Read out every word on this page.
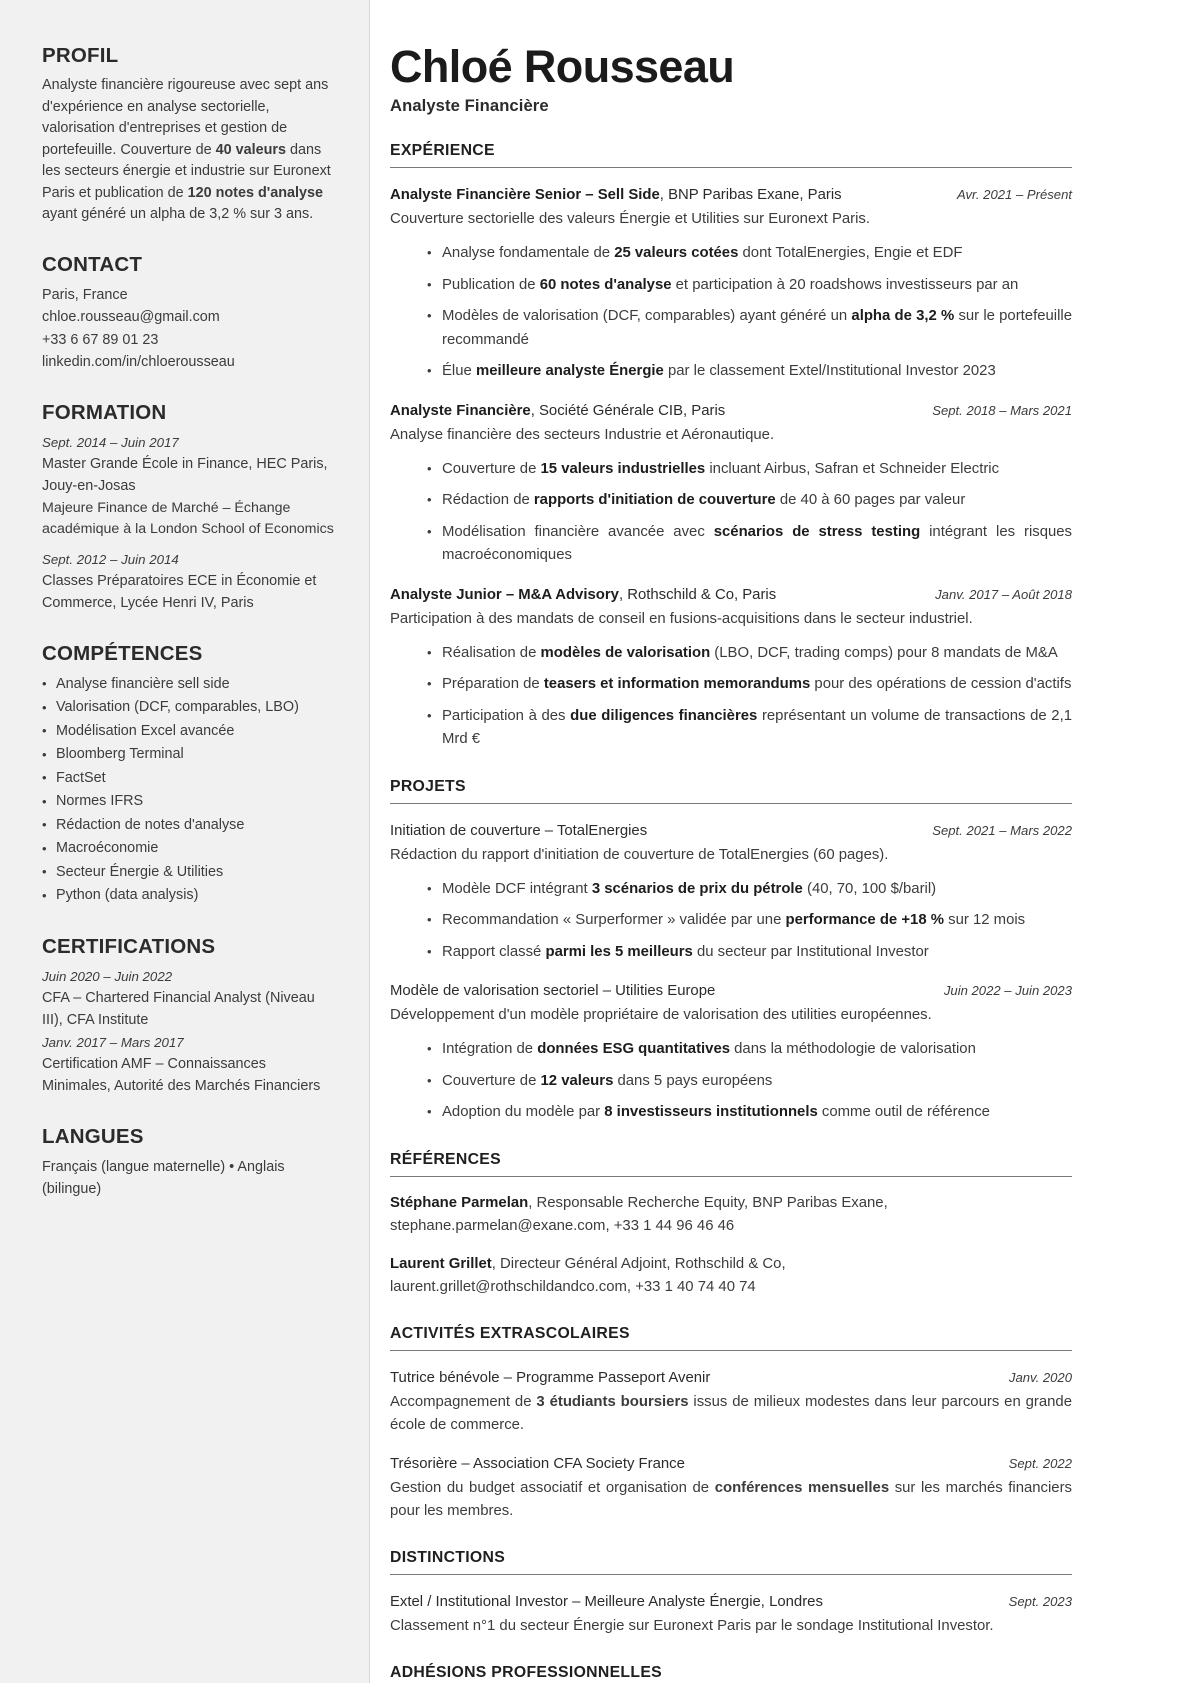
PROFIL

Analyste financière rigoureuse avec sept ans d'expérience en analyse sectorielle, valorisation d'entreprises et gestion de portefeuille. Couverture de 40 valeurs dans les secteurs énergie et industrie sur Euronext Paris et publication de 120 notes d'analyse ayant généré un alpha de 3,2 % sur 3 ans.

CONTACT
Paris, France
chloe.rousseau@gmail.com
+33 6 67 89 01 23
linkedin.com/in/chloerousseau
FORMATION
Sept. 2014 – Juin 2017
Master Grande École in Finance, HEC Paris, Jouy-en-Josas
Majeure Finance de Marché – Échange académique à la London School of Economics
Sept. 2012 – Juin 2014
Classes Préparatoires ECE in Économie et Commerce, Lycée Henri IV, Paris
COMPÉTENCES
• Analyse financière sell side
• Valorisation (DCF, comparables, LBO)
• Modélisation Excel avancée
• Bloomberg Terminal
• FactSet
• Normes IFRS
• Rédaction de notes d'analyse
• Macroéconomie
• Secteur Énergie & Utilities
• Python (data analysis)
CERTIFICATIONS
Juin 2020 – Juin 2022
CFA – Chartered Financial Analyst (Niveau III), CFA Institute
Janv. 2017 – Mars 2017
Certification AMF – Connaissances Minimales, Autorité des Marchés Financiers
LANGUES
Français (langue maternelle) • Anglais (bilingue)
Chloé Rousseau
Analyste Financière
EXPÉRIENCE
Analyste Financière Senior – Sell Side, BNP Paribas Exane, Paris	Avr. 2021 – Présent
Couverture sectorielle des valeurs Énergie et Utilities sur Euronext Paris.
• Analyse fondamentale de 25 valeurs cotées dont TotalEnergies, Engie et EDF
• Publication de 60 notes d'analyse et participation à 20 roadshows investisseurs par an
• Modèles de valorisation (DCF, comparables) ayant généré un alpha de 3,2 % sur le portefeuille recommandé
• Élue meilleure analyste Énergie par le classement Extel/Institutional Investor 2023
Analyste Financière, Société Générale CIB, Paris	Sept. 2018 – Mars 2021
Analyse financière des secteurs Industrie et Aéronautique.
• Couverture de 15 valeurs industrielles incluant Airbus, Safran et Schneider Electric
• Rédaction de rapports d'initiation de couverture de 40 à 60 pages par valeur
• Modélisation financière avancée avec scénarios de stress testing intégrant les risques macroéconomiques
Analyste Junior – M&A Advisory, Rothschild & Co, Paris	Janv. 2017 – Août 2018
Participation à des mandats de conseil en fusions-acquisitions dans le secteur industriel.
• Réalisation de modèles de valorisation (LBO, DCF, trading comps) pour 8 mandats de M&A
• Préparation de teasers et information memorandums pour des opérations de cession d'actifs
• Participation à des due diligences financières représentant un volume de transactions de 2,1 Mrd €
PROJETS
Initiation de couverture – TotalEnergies	Sept. 2021 – Mars 2022
Rédaction du rapport d'initiation de couverture de TotalEnergies (60 pages).
• Modèle DCF intégrant 3 scénarios de prix du pétrole (40, 70, 100 $/baril)
• Recommandation « Surperformer » validée par une performance de +18 % sur 12 mois
• Rapport classé parmi les 5 meilleurs du secteur par Institutional Investor
Modèle de valorisation sectoriel – Utilities Europe	Juin 2022 – Juin 2023
Développement d'un modèle propriétaire de valorisation des utilities européennes.
• Intégration de données ESG quantitatives dans la méthodologie de valorisation
• Couverture de 12 valeurs dans 5 pays européens
• Adoption du modèle par 8 investisseurs institutionnels comme outil de référence
RÉFÉRENCES
Stéphane Parmelan, Responsable Recherche Equity, BNP Paribas Exane,
stephane.parmelan@exane.com, +33 1 44 96 46 46
Laurent Grillet, Directeur Général Adjoint, Rothschild & Co,
laurent.grillet@rothschildandco.com, +33 1 40 74 40 74
ACTIVITÉS EXTRASCOLAIRES
Tutrice bénévole – Programme Passeport Avenir	Janv. 2020
Accompagnement de 3 étudiants boursiers issus de milieux modestes dans leur parcours en grande école de commerce.
Trésorière – Association CFA Society France	Sept. 2022
Gestion du budget associatif et organisation de conférences mensuelles sur les marchés financiers pour les membres.
DISTINCTIONS
Extel / Institutional Investor – Meilleure Analyste Énergie, Londres	Sept. 2023
Classement n°1 du secteur Énergie sur Euronext Paris par le sondage Institutional Investor.
ADHÉSIONS PROFESSIONNELLES
